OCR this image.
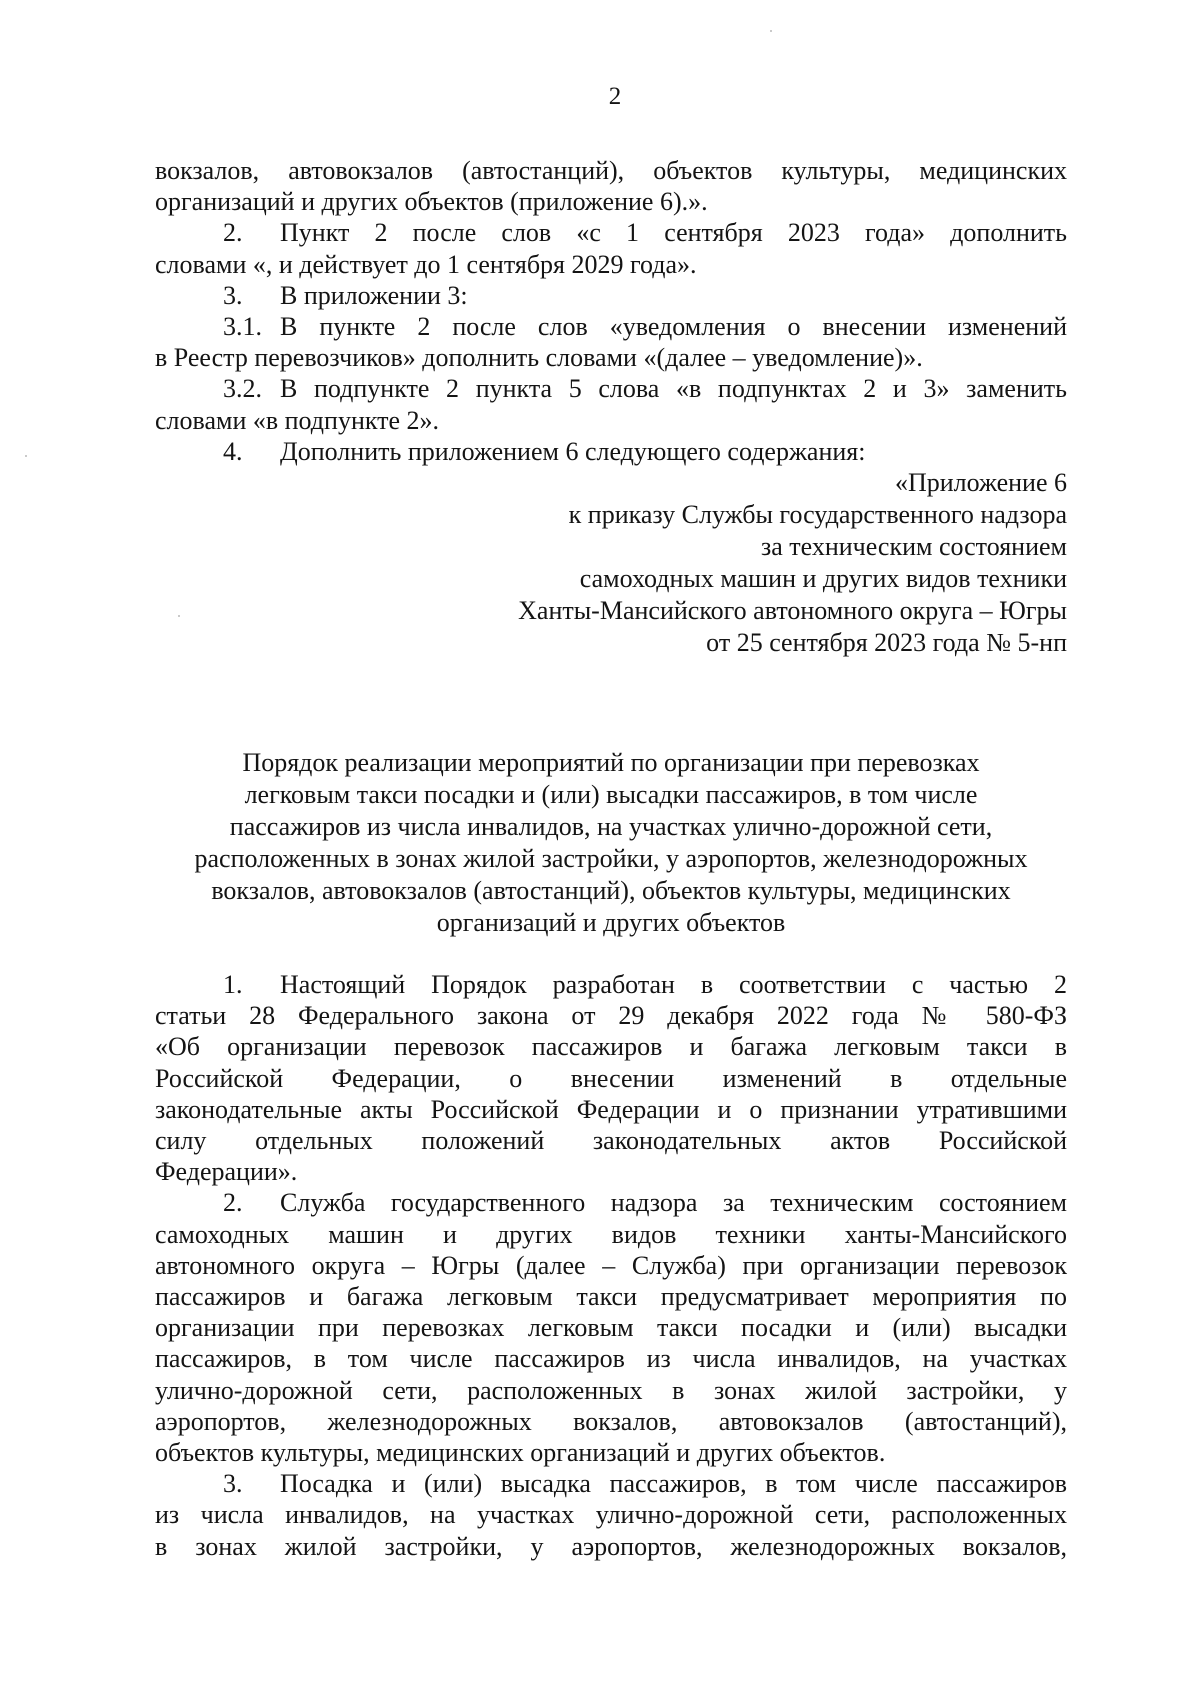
2
вокзалов, автовокзалов (автостанций), объектов культуры, медицинских
организаций и других объектов (приложение 6).».
2. Пункт 2 после слов «с 1 сентября 2023 года» дополнить
словами «, и действует до 1 сентября 2029 года».
3. В приложении 3:
3.1. В пункте 2 после слов «уведомления о внесении изменений
в Реестр перевозчиков» дополнить словами «(далее – уведомление)».
3.2. В подпункте 2 пункта 5 слова «в подпунктах 2 и 3» заменить
словами «в подпункте 2».
4. Дополнить приложением 6 следующего содержания:
«Приложение 6
к приказу Службы государственного надзора
за техническим состоянием
самоходных машин и других видов техники
Ханты-Мансийского автономного округа – Югры
от 25 сентября 2023 года № 5-нп
Порядок реализации мероприятий по организации при перевозках
легковым такси посадки и (или) высадки пассажиров, в том числе
пассажиров из числа инвалидов, на участках улично-дорожной сети,
расположенных в зонах жилой застройки, у аэропортов, железнодорожных
вокзалов, автовокзалов (автостанций), объектов культуры, медицинских
организаций и других объектов
1. Настоящий Порядок разработан в соответствии с частью 2
статьи 28 Федерального закона от 29 декабря 2022 года № 580-ФЗ
«Об организации перевозок пассажиров и багажа легковым такси в
Российской Федерации, о внесении изменений в отдельные
законодательные акты Российской Федерации и о признании утратившими
силу отдельных положений законодательных актов Российской
Федерации».
2. Служба государственного надзора за техническим состоянием
самоходных машин и других видов техники ханты-Мансийского
автономного округа – Югры (далее – Служба) при организации перевозок
пассажиров и багажа легковым такси предусматривает мероприятия по
организации при перевозках легковым такси посадки и (или) высадки
пассажиров, в том числе пассажиров из числа инвалидов, на участках
улично-дорожной сети, расположенных в зонах жилой застройки, у
аэропортов, железнодорожных вокзалов, автовокзалов (автостанций),
объектов культуры, медицинских организаций и других объектов.
3. Посадка и (или) высадка пассажиров, в том числе пассажиров
из числа инвалидов, на участках улично-дорожной сети, расположенных
в зонах жилой застройки, у аэропортов, железнодорожных вокзалов,
